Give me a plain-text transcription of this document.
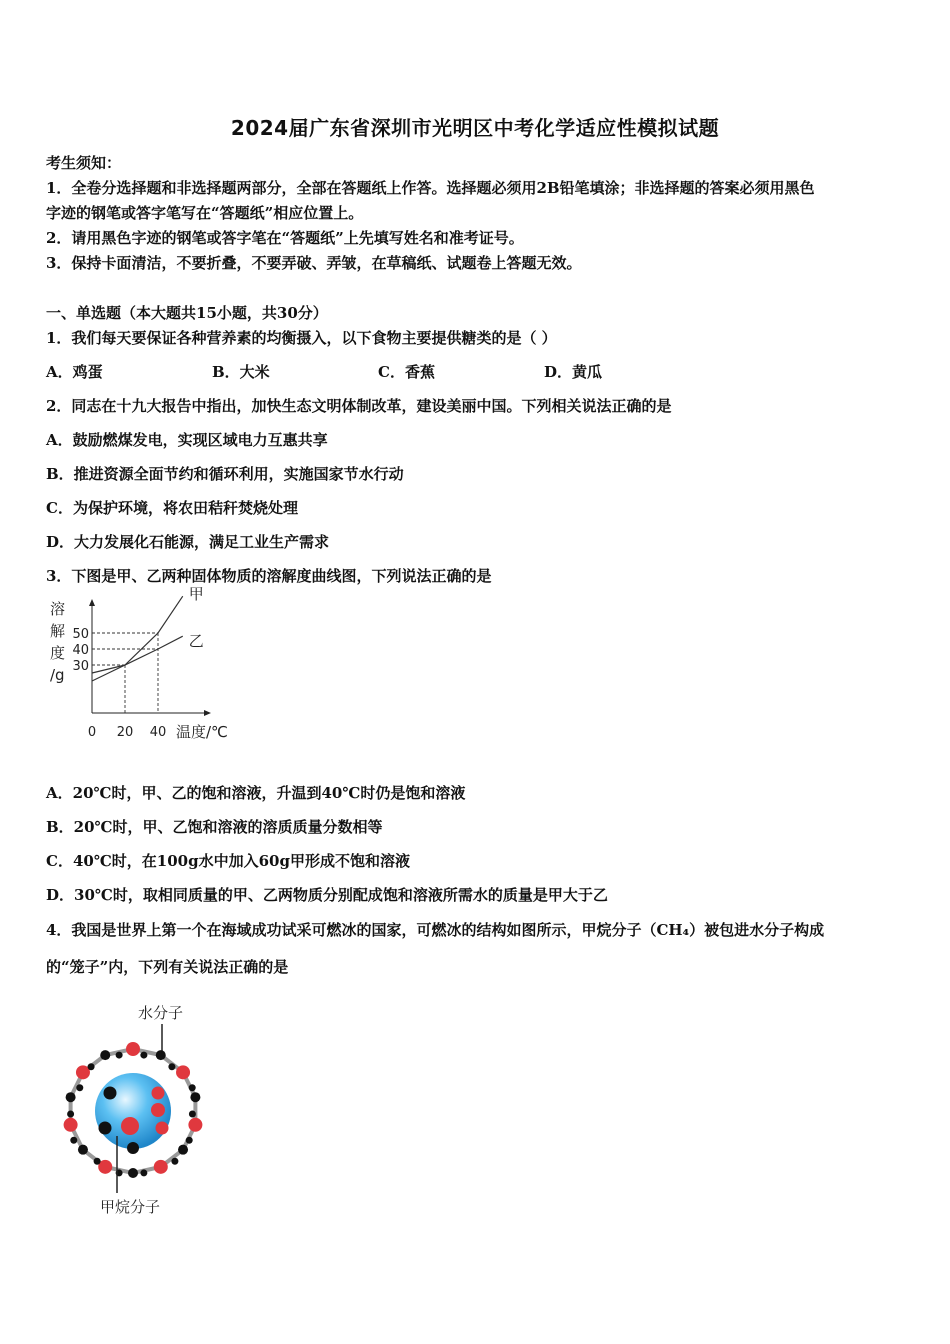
2024届广东省深圳市光明区中考化学适应性模拟试题
考生须知：
1．全卷分选择题和非选择题两部分，全部在答题纸上作答。选择题必须用2B铅笔填涂；非选择题的答案必须用黑色
字迹的钢笔或答字笔写在“答题纸”相应位置上。
2．请用黑色字迹的钢笔或答字笔在“答题纸”上先填写姓名和准考证号。
3．保持卡面清洁，不要折叠，不要弄破、弄皱，在草稿纸、试题卷上答题无效。
一、单选题（本大题共15小题，共30分）
1．我们每天要保证各种营养素的均衡摄入，以下食物主要提供糖类的是（ ）
A．鸡蛋	B．大米	C．香蕉	D．黄瓜
2．同志在十九大报告中指出，加快生态文明体制改革，建设美丽中国。下列相关说法正确的是
A．鼓励燃煤发电，实现区域电力互惠共享
B．推进资源全面节约和循环利用，实施国家节水行动
C．为保护环境，将农田秸秆焚烧处理
D．大力发展化石能源，满足工业生产需求
3．下图是甲、乙两种固体物质的溶解度曲线图，下列说法正确的是
溶
解
度
/g
甲
乙
0 20 40
30
40
50
温度/℃
A．20℃时，甲、乙的饱和溶液，升温到40℃时仍是饱和溶液
B．20℃时，甲、乙饱和溶液的溶质质量分数相等
C．40℃时，在100g水中加入60g甲形成不饱和溶液
D．30℃时，取相同质量的甲、乙两物质分别配成饱和溶液所需水的质量是甲大于乙
4．我国是世界上第一个在海域成功试采可燃冰的国家，可燃冰的结构如图所示，甲烷分子（CH₄）被包进水分子构成
的“笼子”内，下列有关说法正确的是
水分子
甲烷分子
